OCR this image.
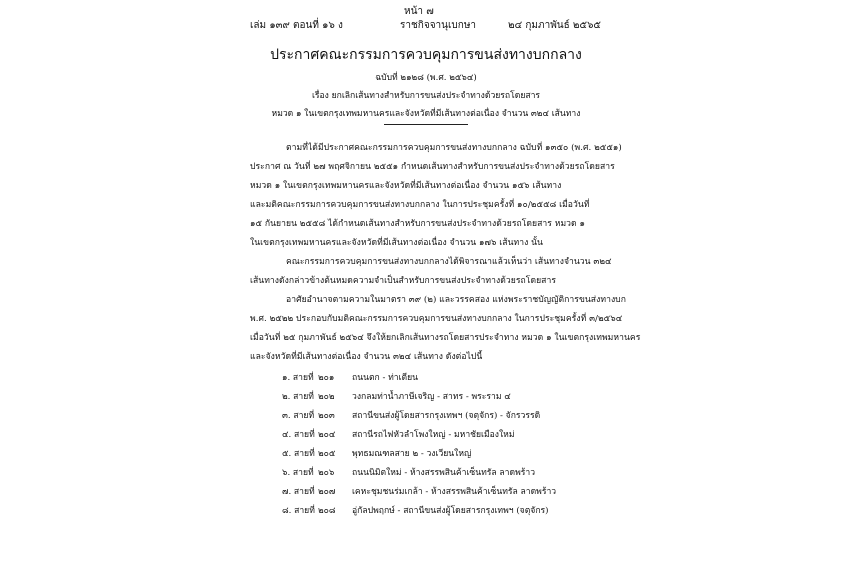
หน้า ๗
เล่ม ๑๓๙ ตอนที่ ๑๖ ง	ราชกิจจานุเบกษา	๒๔ กุมภาพันธ์ ๒๕๖๕
ประกาศคณะกรรมการควบคุมการขนส่งทางบกกลาง
ฉบับที่ ๒๑๒๘ (พ.ศ. ๒๕๖๔)
เรื่อง ยกเลิกเส้นทางสำหรับการขนส่งประจำทางด้วยรถโดยสาร
หมวด ๑ ในเขตกรุงเทพมหานครและจังหวัดที่มีเส้นทางต่อเนื่อง จำนวน ๓๒๔ เส้นทาง
ตามที่ได้มีประกาศคณะกรรมการควบคุมการขนส่งทางบกกลาง ฉบับที่ ๑๓๕๐ (พ.ศ. ๒๕๕๑)
ประกาศ ณ วันที่ ๒๗ พฤศจิกายน ๒๕๕๑ กำหนดเส้นทางสำหรับการขนส่งประจำทางด้วยรถโดยสาร
หมวด ๑ ในเขตกรุงเทพมหานครและจังหวัดที่มีเส้นทางต่อเนื่อง จำนวน ๑๕๖ เส้นทาง
และมติคณะกรรมการควบคุมการขนส่งทางบกกลาง ในการประชุมครั้งที่ ๑๐/๒๕๕๘ เมื่อวันที่
๑๕ กันยายน ๒๕๕๘ ได้กำหนดเส้นทางสำหรับการขนส่งประจำทางด้วยรถโดยสาร หมวด ๑
ในเขตกรุงเทพมหานครและจังหวัดที่มีเส้นทางต่อเนื่อง จำนวน ๑๗๖ เส้นทาง นั้น
คณะกรรมการควบคุมการขนส่งทางบกกลางได้พิจารณาแล้วเห็นว่า เส้นทางจำนวน ๓๒๔
เส้นทางดังกล่าวข้างต้นหมดความจำเป็นสำหรับการขนส่งประจำทางด้วยรถโดยสาร
อาศัยอำนาจตามความในมาตรา ๓๙ (๒) และวรรคสอง แห่งพระราชบัญญัติการขนส่งทางบก
พ.ศ. ๒๕๒๒ ประกอบกับมติคณะกรรมการควบคุมการขนส่งทางบกกลาง ในการประชุมครั้งที่ ๓/๒๕๖๔
เมื่อวันที่ ๒๕ กุมภาพันธ์ ๒๕๖๔ จึงให้ยกเลิกเส้นทางรถโดยสารประจำทาง หมวด ๑ ในเขตกรุงเทพมหานคร
และจังหวัดที่มีเส้นทางต่อเนื่อง จำนวน ๓๒๔ เส้นทาง ดังต่อไปนี้
๑. สายที่ ๒๐๑ ถนนตก - ท่าเตียน
๒. สายที่ ๒๐๒ วงกลมท่าน้ำภาษีเจริญ - สาทร - พระราม ๔
๓. สายที่ ๒๐๓ สถานีขนส่งผู้โดยสารกรุงเทพฯ (จตุจักร) - จักรวรรดิ
๔. สายที่ ๒๐๔ สถานีรถไฟหัวลำโพงใหญ่ - มหาชัยเมืองใหม่
๕. สายที่ ๒๐๕ พุทธมณฑลสาย ๒ - วงเวียนใหญ่
๖. สายที่ ๒๐๖ ถนนนิมิตใหม่ - ห้างสรรพสินค้าเซ็นทรัล ลาดพร้าว
๗. สายที่ ๒๐๗ เคหะชุมชนร่มเกล้า - ห้างสรรพสินค้าเซ็นทรัล ลาดพร้าว
๘. สายที่ ๒๐๘ อู่กัลปพฤกษ์ - สถานีขนส่งผู้โดยสารกรุงเทพฯ (จตุจักร)
